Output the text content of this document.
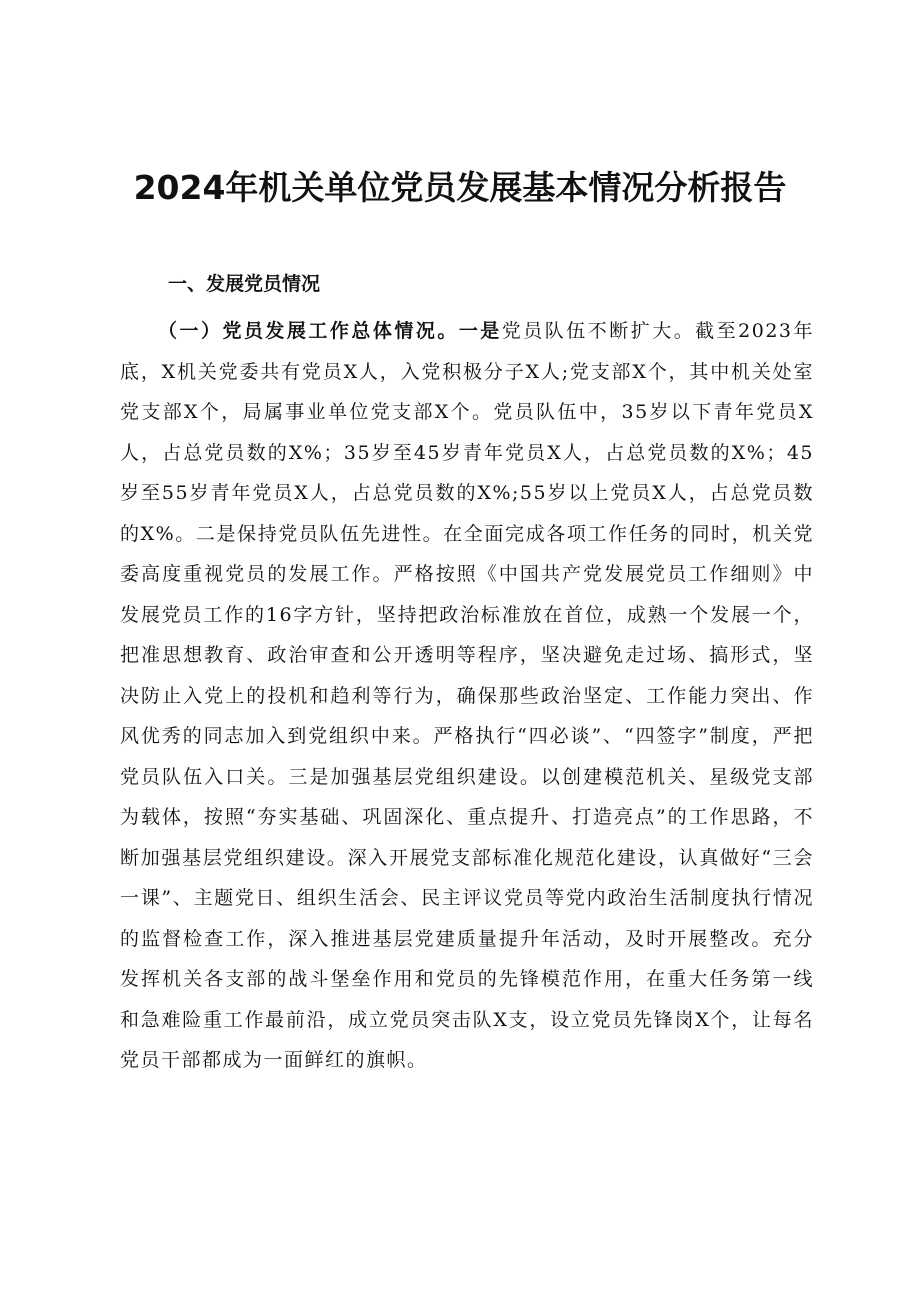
2024年机关单位党员发展基本情况分析报告
一、发展党员情况

（一）党员发展工作总体情况。一是党员队伍不断扩大。截至2023年底，X机关党委共有党员X人，入党积极分子X人;党支部X个，其中机关处室党支部X个，局属事业单位党支部X个。党员队伍中，35岁以下青年党员X人，占总党员数的X%；35岁至45岁青年党员X人，占总党员数的X%；45岁至55岁青年党员X人，占总党员数的X%;55岁以上党员X人，占总党员数的X%。二是保持党员队伍先进性。在全面完成各项工作任务的同时，机关党委高度重视党员的发展工作。严格按照《中国共产党发展党员工作细则》中发展党员工作的16字方针，坚持把政治标准放在首位，成熟一个发展一个，把准思想教育、政治审查和公开透明等程序，坚决避免走过场、搞形式，坚决防止入党上的投机和趋利等行为，确保那些政治坚定、工作能力突出、作风优秀的同志加入到党组织中来。严格执行“四必谈”、“四签字”制度，严把党员队伍入口关。三是加强基层党组织建设。以创建模范机关、星级党支部为载体，按照“夯实基础、巩固深化、重点提升、打造亮点”的工作思路，不断加强基层党组织建设。深入开展党支部标准化规范化建设，认真做好“三会一课”、主题党日、组织生活会、民主评议党员等党内政治生活制度执行情况的监督检查工作，深入推进基层党建质量提升年活动，及时开展整改。充分发挥机关各支部的战斗堡垒作用和党员的先锋模范作用，在重大任务第一线和急难险重工作最前沿，成立党员突击队X支，设立党员先锋岗X个，让每名党员干部都成为一面鲜红的旗帜。
